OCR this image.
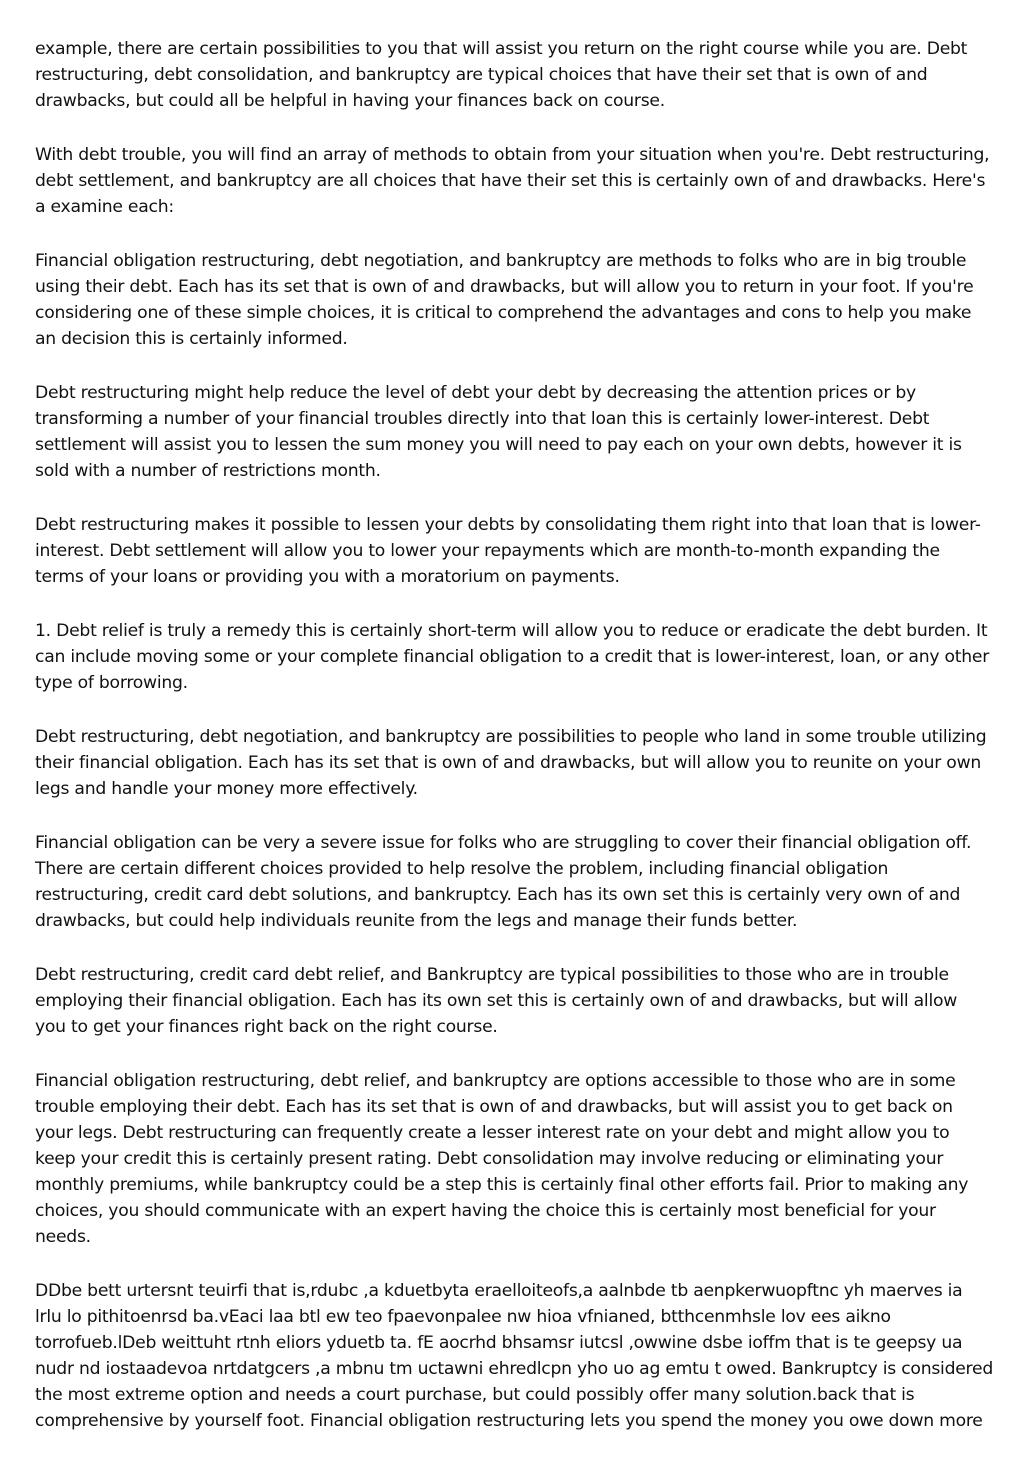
example, there are certain possibilities to you that will assist you return on the right course while you are. Debt restructuring, debt consolidation, and bankruptcy are typical choices that have their set that is own of and drawbacks, but could all be helpful in having your finances back on course.

With debt trouble, you will find an array of methods to obtain from your situation when you're. Debt restructuring, debt settlement, and bankruptcy are all choices that have their set this is certainly own of and drawbacks. Here's a examine each:

Financial obligation restructuring, debt negotiation, and bankruptcy are methods to folks who are in big trouble using their debt. Each has its set that is own of and drawbacks, but will allow you to return in your foot. If you're considering one of these simple choices, it is critical to comprehend the advantages and cons to help you make an decision this is certainly informed.

Debt restructuring might help reduce the level of debt your debt by decreasing the attention prices or by transforming a number of your financial troubles directly into that loan this is certainly lower-interest. Debt settlement will assist you to lessen the sum money you will need to pay each on your own debts, however it is sold with a number of restrictions month.

Debt restructuring makes it possible to lessen your debts by consolidating them right into that loan that is lower-interest. Debt settlement will allow you to lower your repayments which are month-to-month expanding the terms of your loans or providing you with a moratorium on payments.

1. Debt relief is truly a remedy this is certainly short-term will allow you to reduce or eradicate the debt burden. It can include moving some or your complete financial obligation to a credit that is lower-interest, loan, or any other type of borrowing.

Debt restructuring, debt negotiation, and bankruptcy are possibilities to people who land in some trouble utilizing their financial obligation. Each has its set that is own of and drawbacks, but will allow you to reunite on your own legs and handle your money more effectively.

Financial obligation can be very a severe issue for folks who are struggling to cover their financial obligation off. There are certain different choices provided to help resolve the problem, including financial obligation restructuring, credit card debt solutions, and bankruptcy. Each has its own set this is certainly very own of and drawbacks, but could help individuals reunite from the legs and manage their funds better.

Debt restructuring, credit card debt relief, and Bankruptcy are typical possibilities to those who are in trouble employing their financial obligation. Each has its own set this is certainly own of and drawbacks, but will allow you to get your finances right back on the right course.

Financial obligation restructuring, debt relief, and bankruptcy are options accessible to those who are in some trouble employing their debt. Each has its set that is own of and drawbacks, but will assist you to get back on your legs. Debt restructuring can frequently create a lesser interest rate on your debt and might allow you to keep your credit this is certainly present rating. Debt consolidation may involve reducing or eliminating your monthly premiums, while bankruptcy could be a step this is certainly final other efforts fail. Prior to making any choices, you should communicate with an expert having the choice this is certainly most beneficial for your needs.

DDbe bett urtersnt teuirfi that is,rdubc ,a kduetbyta eraelloiteofs,a aalnbde tb aenpkerwuopftnc yh maerves ia lrlu lo pithitoenrsd ba.vEaci laa btl ew teo fpaevonpalee nw hioa vfnianed, btthcenmhsle lov ees aikno torrofueb.lDeb weittuht rtnh eliors yduetb ta. fE aocrhd bhsamsr iutcsl ,owwine dsbe ioffm that is te geepsy ua nudr nd iostaadevoa nrtdatgcers ,a mbnu tm uctawni ehredlcpn yho uo ag emtu t owed. Bankruptcy is considered the most extreme option and needs a court purchase, but could possibly offer many solution.back that is comprehensive by yourself foot. Financial obligation restructuring lets you spend the money you owe down more
